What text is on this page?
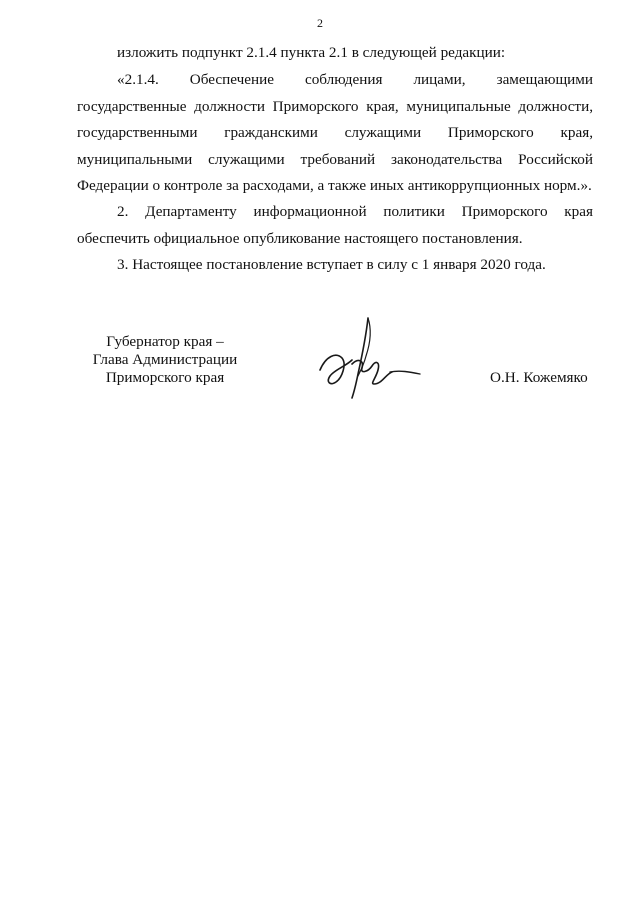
2

изложить подпункт 2.1.4 пункта 2.1 в следующей редакции:

«2.1.4. Обеспечение соблюдения лицами, замещающими государственные должности Приморского края, муниципальные должности, государственными гражданскими служащими Приморского края, муниципальными служащими требований законодательства Российской Федерации о контроле за расходами, а также иных антикоррупционных норм.».

2. Департаменту информационной политики Приморского края обеспечить официальное опубликование настоящего постановления.

3. Настоящее постановление вступает в силу с 1 января 2020 года.

Губернатор края –
Глава Администрации
Приморского края	О.Н. Кожемяко
